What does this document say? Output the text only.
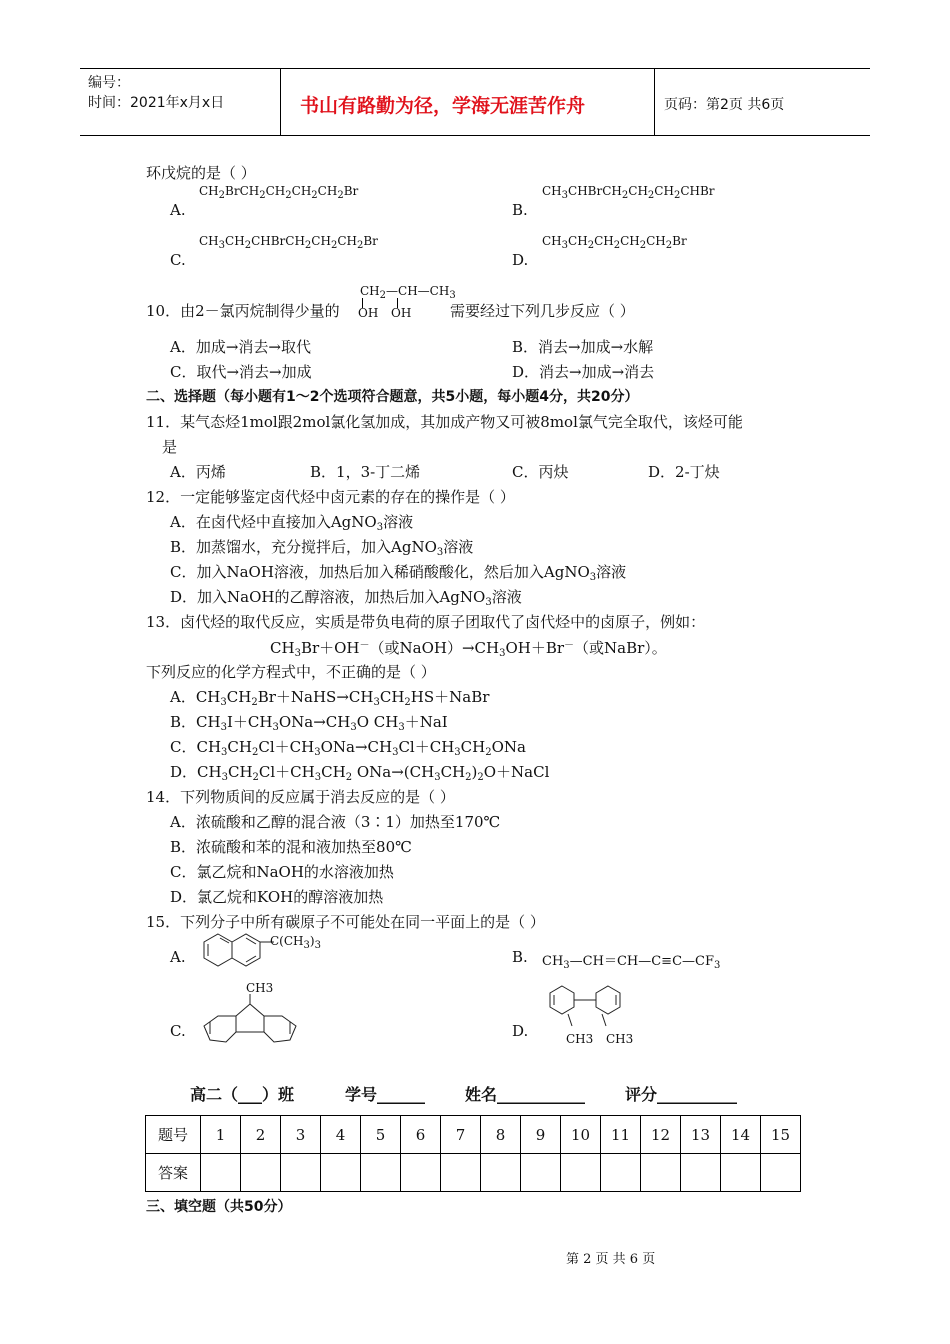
编号：
时间：2021年x月x日	书山有路勤为径，学海无涯苦作舟	页码：第2页 共6页
环戊烷的是（ ）
A.
$CH_2BrCH_2CH_2CH_2CH_2Br$
B.
$CH_3CHBrCH_2CH_2CH_2CHBr$
C.
$CH_3CH_2CHBrCH_2CH_2CH_2Br$
D.
$CH_3CH_2CH_2CH_2CH_2Br$
10．由2－氯丙烷制得少量的
$CH_2—CH—CH_3$
OH OH	需要经过下列几步反应（ ）
A．加成→消去→取代	B．消去→加成→水解
C．取代→消去→加成	D．消去→加成→消去
二、选择题（每小题有1～2个选项符合题意，共5小题，每小题4分，共20分）
11．某气态烃1mol跟2mol氯化氢加成，其加成产物又可被8mol氯气完全取代，该烃可能
是
A．丙烯	B．1，3-丁二烯	C．丙炔	D．2-丁炔
12．一定能够鉴定卤代烃中卤元素的存在的操作是（ ）
A．在卤代烃中直接加入AgNO$_3$溶液
B．加蒸馏水，充分搅拌后，加入AgNO$_3$溶液
C．加入NaOH溶液，加热后加入稀硝酸酸化，然后加入AgNO$_3$溶液
D．加入NaOH的乙醇溶液，加热后加入AgNO$_3$溶液
13．卤代烃的取代反应，实质是带负电荷的原子团取代了卤代烃中的卤原子，例如：
$CH_3Br+OH^-$（或$NaOH)\to CH_3OH+Br^-$（或NaBr）。
下列反应的化学方程式中，不正确的是（ ）
A．$CH_3CH_2Br+NaHS\to CH_3CH_2HS+NaBr$
B．$CH_3I+CH_3ONa\to CH_3O$ $CH_3+NaI$
C．$CH_3CH_2Cl+CH_3ONa\to CH_3Cl+CH_3CH_2ONa$
D．$CH_3CH_2Cl+CH_3CH_2$ $ONa\to(CH_3CH_2)_2O+NaCl$
14．下列物质间的反应属于消去反应的是（ ）
A．浓硫酸和乙醇的混合液（3∶1）加热至170℃
B．浓硫酸和苯的混和液加热至80℃
C．氯乙烷和NaOH的水溶液加热
D．氯乙烷和KOH的醇溶液加热
15．下列分子中所有碳原子不可能处在同一平面上的是（ ）
A.
$C(CH_3)_3$
B. $CH_3—CH=CH—C\equiv C—CF_3$
C.
CH3
D.	CH3 CH3
高二（___）班	学号______ 姓名___________ 评分__________
题号	1	2	3	4	5	6	7	8	9	10	11	12	13	14	15
答案															
三、填空题（共50分）
第 2 页 共 6 页
